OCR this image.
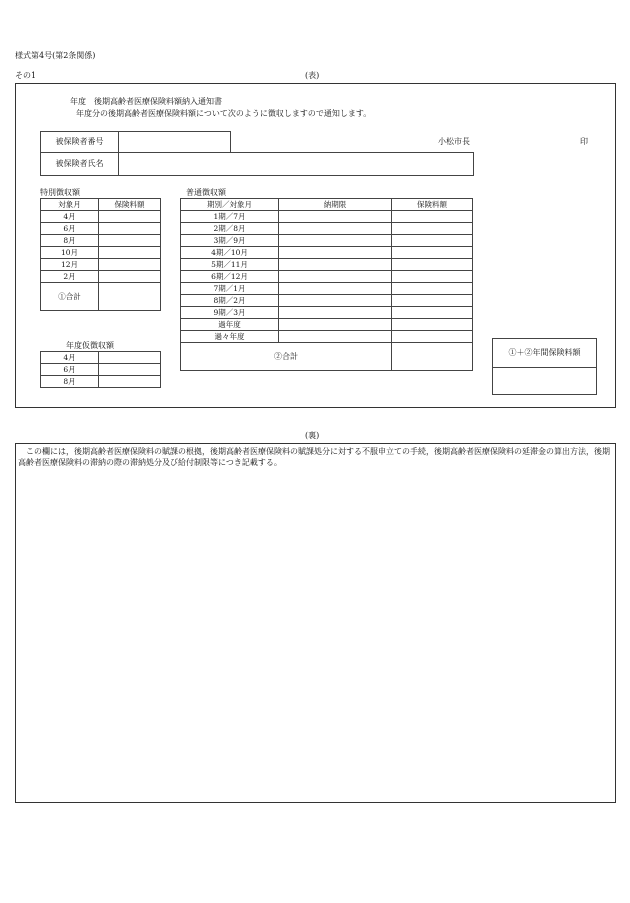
様式第4号(第2条関係)
その1	(表)
年度　後期高齢者医療保険料額納入通知書
年度分の後期高齢者医療保険料額について次のように徴収しますので通知します。
被保険者番号	
被保険者氏名	
小松市長	印
特別徴収額
対象月	保険料額
4月	
6月	
8月	
10月	
12月	
2月	
①合計	
年度仮徴収額
4月	
6月	
8月	
普通徴収額
期別／対象月	納期限	保険料額
1期／7月		
2期／8月		
3期／9月		
4期／10月		
5期／11月		
6期／12月		
7期／1月		
8期／2月		
9期／3月		
過年度		
過々年度		
②合計			①＋②年間保険料額

(裏)
この欄には，後期高齢者医療保険料の賦課の根拠，後期高齢者医療保険料の賦課処分に対する不服申立ての手続，後期高齢者医療保険料の延滞金の算出方法，後期高齢者医療保険料の滞納の際の滞納処分及び給付制限等につき記載する。
